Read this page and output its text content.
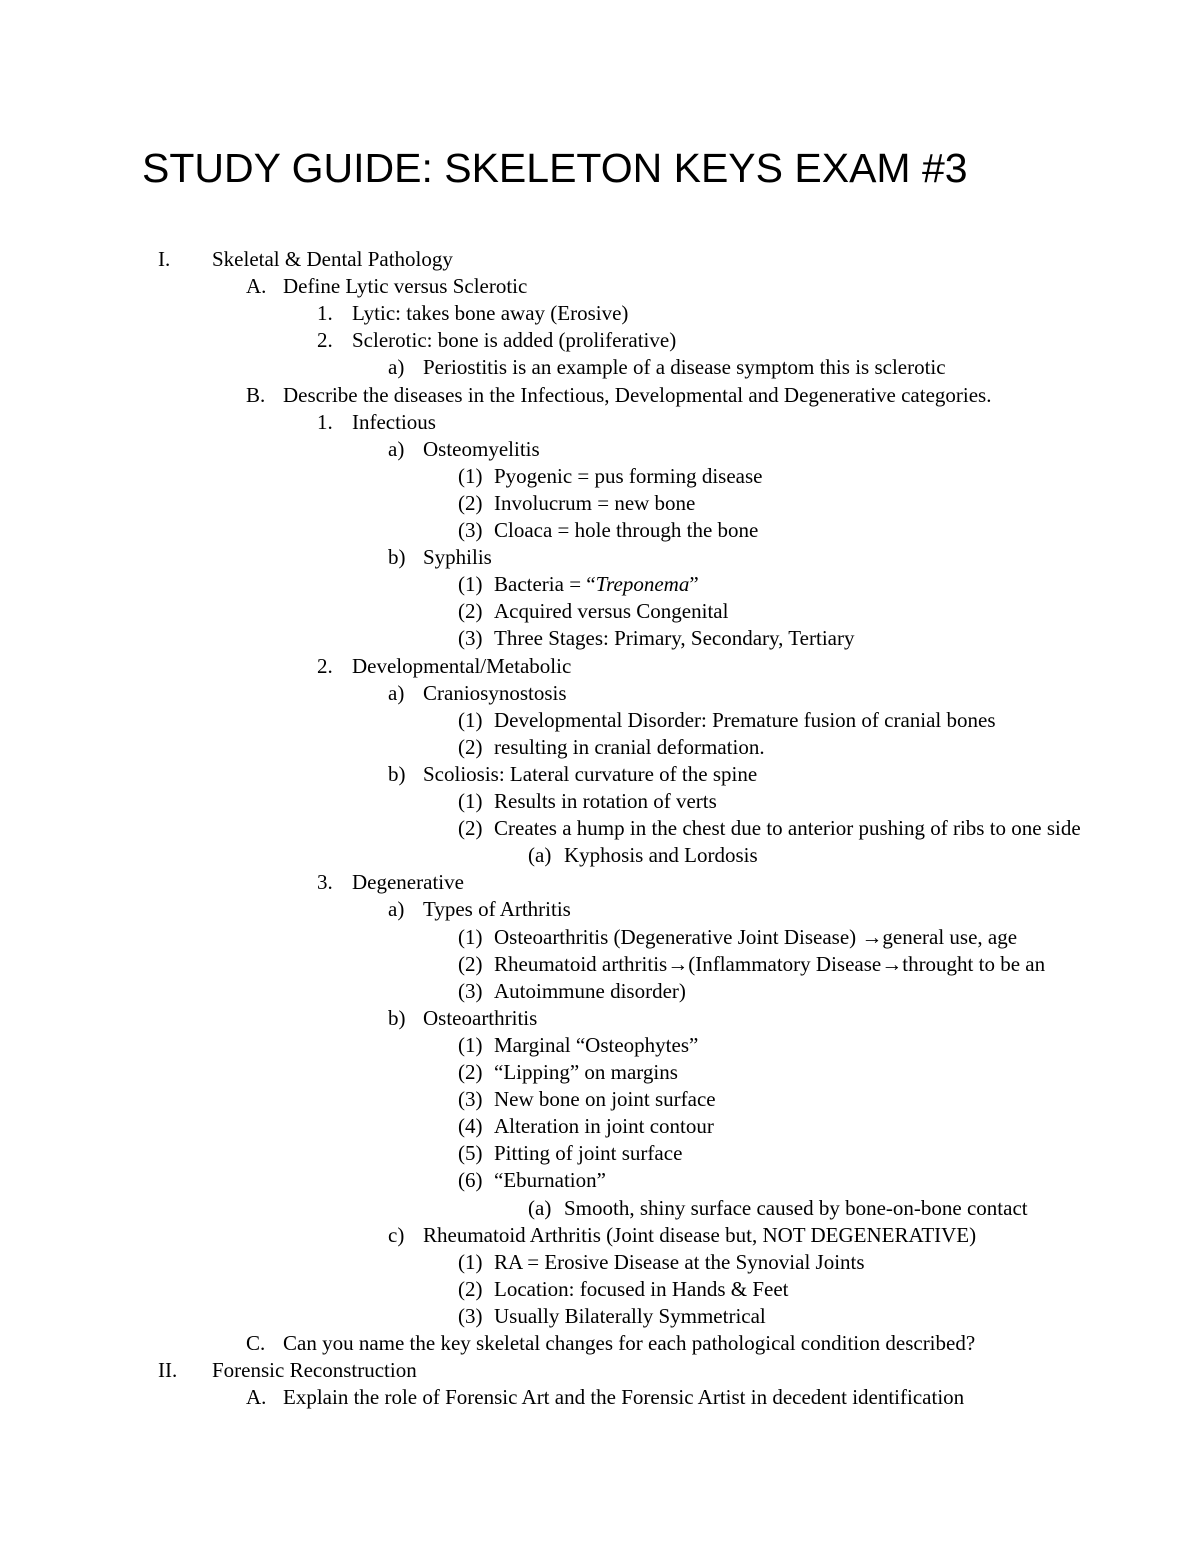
STUDY GUIDE: SKELETON KEYS EXAM #3
I. Skeletal & Dental Pathology
A. Define Lytic versus Sclerotic
1. Lytic: takes bone away (Erosive)
2. Sclerotic: bone is added (proliferative)
a) Periostitis is an example of a disease symptom this is sclerotic
B. Describe the diseases in the Infectious, Developmental and Degenerative categories.
1. Infectious
a) Osteomyelitis
(1) Pyogenic = pus forming disease
(2) Involucrum = new bone
(3) Cloaca = hole through the bone
b) Syphilis
(1) Bacteria = “Treponema”
(2) Acquired versus Congenital
(3) Three Stages: Primary, Secondary, Tertiary
2. Developmental/Metabolic
a) Craniosynostosis
(1) Developmental Disorder: Premature fusion of cranial bones
(2) resulting in cranial deformation.
b) Scoliosis: Lateral curvature of the spine
(1) Results in rotation of verts
(2) Creates a hump in the chest due to anterior pushing of ribs to one side
(a) Kyphosis and Lordosis
3. Degenerative
a) Types of Arthritis
(1) Osteoarthritis (Degenerative Joint Disease) →general use, age
(2) Rheumatoid arthritis→(Inflammatory Disease→throught to be an
(3) Autoimmune disorder)
b) Osteoarthritis
(1) Marginal “Osteophytes”
(2) “Lipping” on margins
(3) New bone on joint surface
(4) Alteration in joint contour
(5) Pitting of joint surface
(6) “Eburnation”
(a) Smooth, shiny surface caused by bone-on-bone contact
c) Rheumatoid Arthritis (Joint disease but, NOT DEGENERATIVE)
(1) RA = Erosive Disease at the Synovial Joints
(2) Location: focused in Hands & Feet
(3) Usually Bilaterally Symmetrical
C. Can you name the key skeletal changes for each pathological condition described?
II. Forensic Reconstruction
A. Explain the role of Forensic Art and the Forensic Artist in decedent identification
